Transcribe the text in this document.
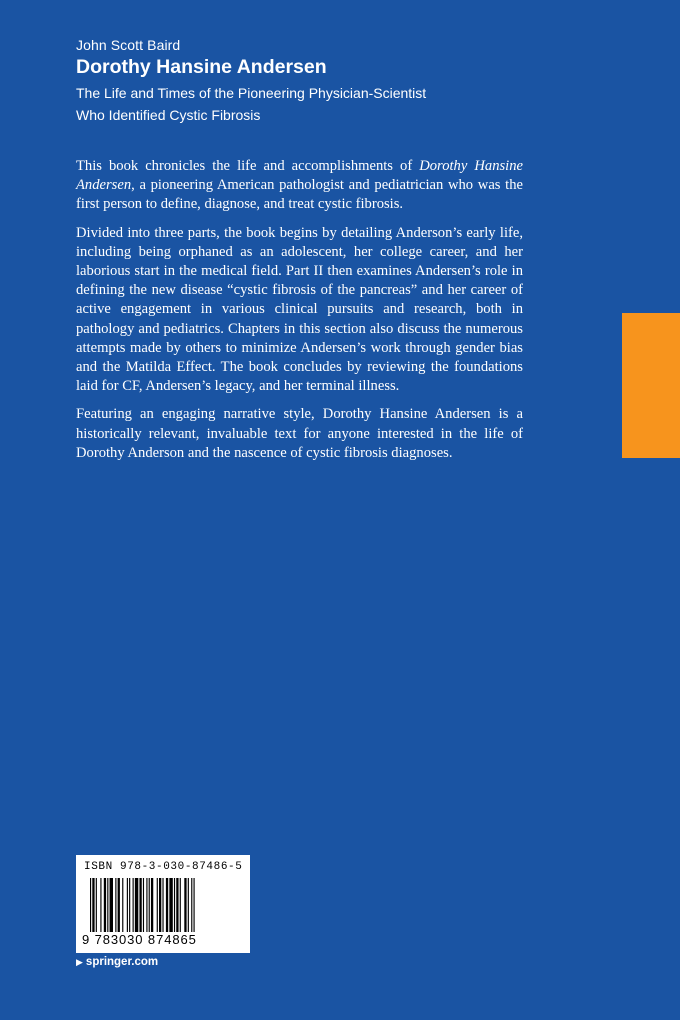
John Scott Baird
Dorothy Hansine Andersen
The Life and Times of the Pioneering Physician-Scientist
Who Identified Cystic Fibrosis

This book chronicles the life and accomplishments of Dorothy Hansine Andersen, a pioneering American pathologist and pediatrician who was the first person to define, diagnose, and treat cystic fibrosis.

Divided into three parts, the book begins by detailing Anderson’s early life, including being orphaned as an adolescent, her college career, and her laborious start in the medical field. Part II then examines Andersen’s role in defining the new disease “cystic fibrosis of the pancreas” and her career of active engagement in various clinical pursuits and research, both in pathology and pediatrics. Chapters in this section also discuss the numerous attempts made by others to minimize Andersen’s work through gender bias and the Matilda Effect. The book concludes by reviewing the foundations laid for CF, Andersen’s legacy, and her terminal illness.

Featuring an engaging narrative style, Dorothy Hansine Andersen is a historically relevant, invaluable text for anyone interested in the life of Dorothy Anderson and the nascence of cystic fibrosis diagnoses.

ISBN 978-3-030-87486-5
9 783030 874865
▶ springer.com
